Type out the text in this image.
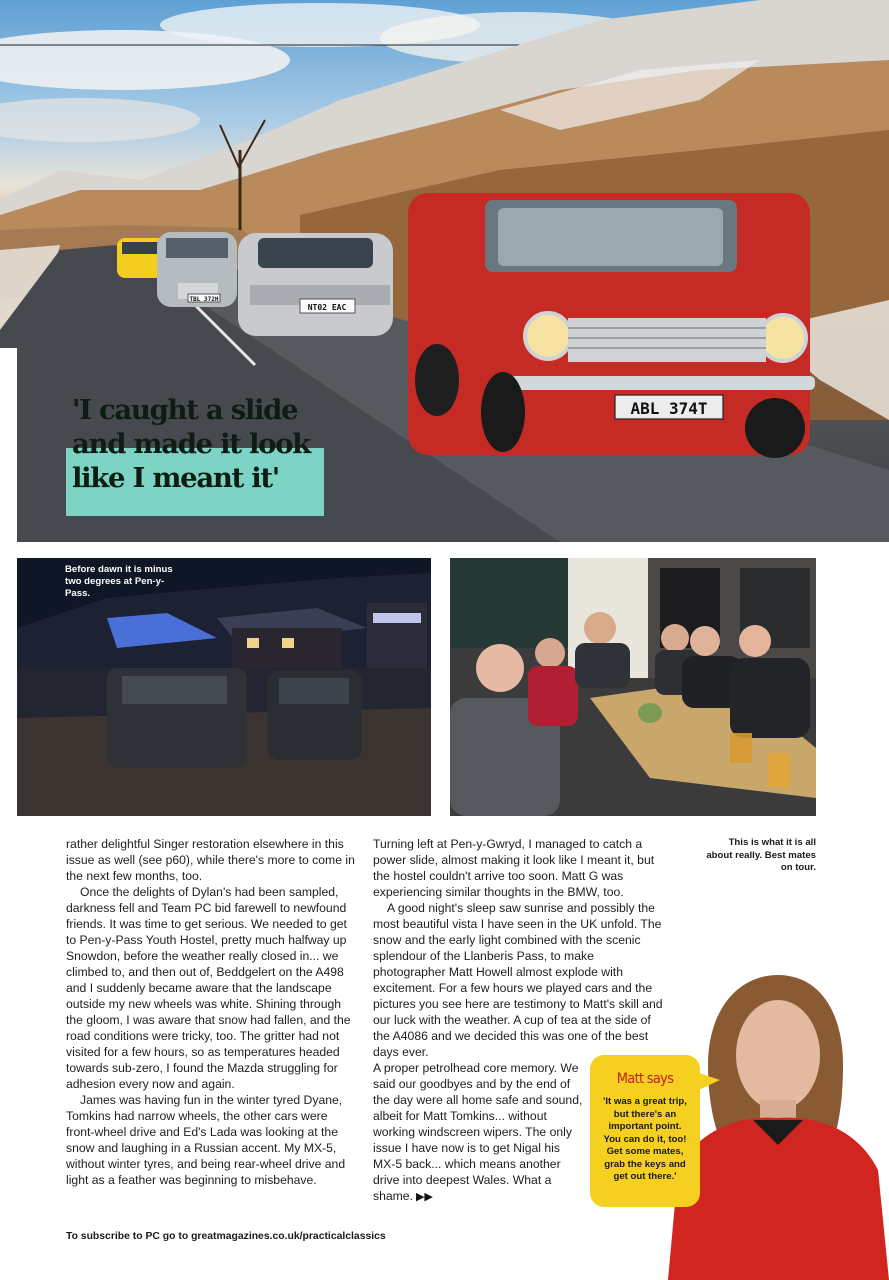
ABL 374T
NT02 EAC
TBL 372H
'I caught a slide
and made it look
like I meant it'
Before dawn it is minus two degrees at Pen-y-Pass.

rather delightful Singer restoration elsewhere in this issue as well (see p60), while there's more to come in the next few months, too.

Once the delights of Dylan's had been sampled, darkness fell and Team PC bid farewell to newfound friends. It was time to get serious. We needed to get to Pen-y-Pass Youth Hostel, pretty much halfway up Snowdon, before the weather really closed in... we climbed to, and then out of, Beddgelert on the A498 and I suddenly became aware that the landscape outside my new wheels was white. Shining through the gloom, I was aware that snow had fallen, and the road conditions were tricky, too. The gritter had not visited for a few hours, so as temperatures headed towards sub-zero, I found the Mazda struggling for adhesion every now and again.

James was having fun in the winter tyred Dyane, Tomkins had narrow wheels, the other cars were front-wheel drive and Ed's Lada was looking at the snow and laughing in a Russian accent. My MX-5, without winter tyres, and being rear-wheel drive and light as a feather was beginning to misbehave.

Turning left at Pen-y-Gwryd, I managed to catch a power slide, almost making it look like I meant it, but the hostel couldn't arrive too soon. Matt G was experiencing similar thoughts in the BMW, too.

A good night's sleep saw sunrise and possibly the most beautiful vista I have seen in the UK unfold. The snow and the early light combined with the scenic splendour of the Llanberis Pass, to make photographer Matt Howell almost explode with excitement. For a few hours we played cars and the pictures you see here are testimony to Matt's skill and our luck with the weather. A cup of tea at the side of the A4086 and we decided this was one of the best days ever.

A proper petrolhead core memory. We said our goodbyes and by the end of the day were all home safe and sound, albeit for Matt Tomkins... without working windscreen wipers. The only issue I have now is to get Nigal his MX-5 back... which means another drive into deepest Wales. What a shame. ▶▶

This is what it is all about really. Best mates on tour.
Matt says
'It was a great trip, but there's an important point. You can do it, too! Get some mates, grab the keys and get out there.'
To subscribe to PC go to greatmagazines.co.uk/practicalclassics
